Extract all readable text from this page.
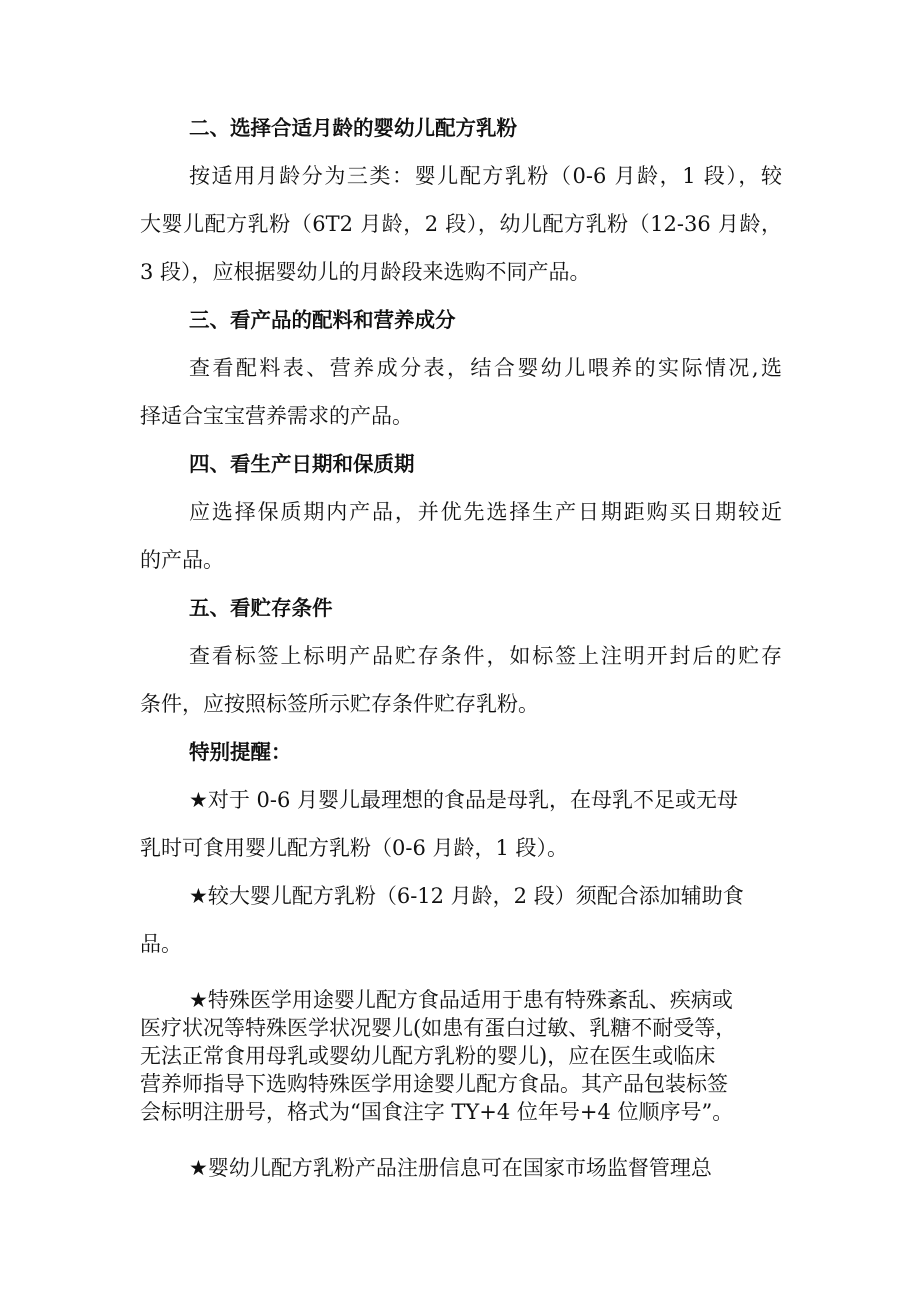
二、选择合适月龄的婴幼儿配方乳粉
按适用月龄分为三类：婴儿配方乳粉（0-6 月龄，1 段），较
大婴儿配方乳粉（6T2 月龄，2 段），幼儿配方乳粉（12-36 月龄，
3 段），应根据婴幼儿的月龄段来选购不同产品。
三、看产品的配料和营养成分
查看配料表、营养成分表，结合婴幼儿喂养的实际情况,选
择适合宝宝营养需求的产品。
四、看生产日期和保质期
应选择保质期内产品，并优先选择生产日期距购买日期较近
的产品。
五、看贮存条件
查看标签上标明产品贮存条件，如标签上注明开封后的贮存
条件，应按照标签所示贮存条件贮存乳粉。
特别提醒：
★对于 0-6 月婴儿最理想的食品是母乳，在母乳不足或无母
乳时可食用婴儿配方乳粉（0-6 月龄，1 段）。
★较大婴儿配方乳粉（6-12 月龄，2 段）须配合添加辅助食
品。
★特殊医学用途婴儿配方食品适用于患有特殊紊乱、疾病或
医疗状况等特殊医学状况婴儿(如患有蛋白过敏、乳糖不耐受等，
无法正常食用母乳或婴幼儿配方乳粉的婴儿)，应在医生或临床
营养师指导下选购特殊医学用途婴儿配方食品。其产品包装标签
会标明注册号，格式为“国食注字 TY+4 位年号+4 位顺序号”。
★婴幼儿配方乳粉产品注册信息可在国家市场监督管理总
